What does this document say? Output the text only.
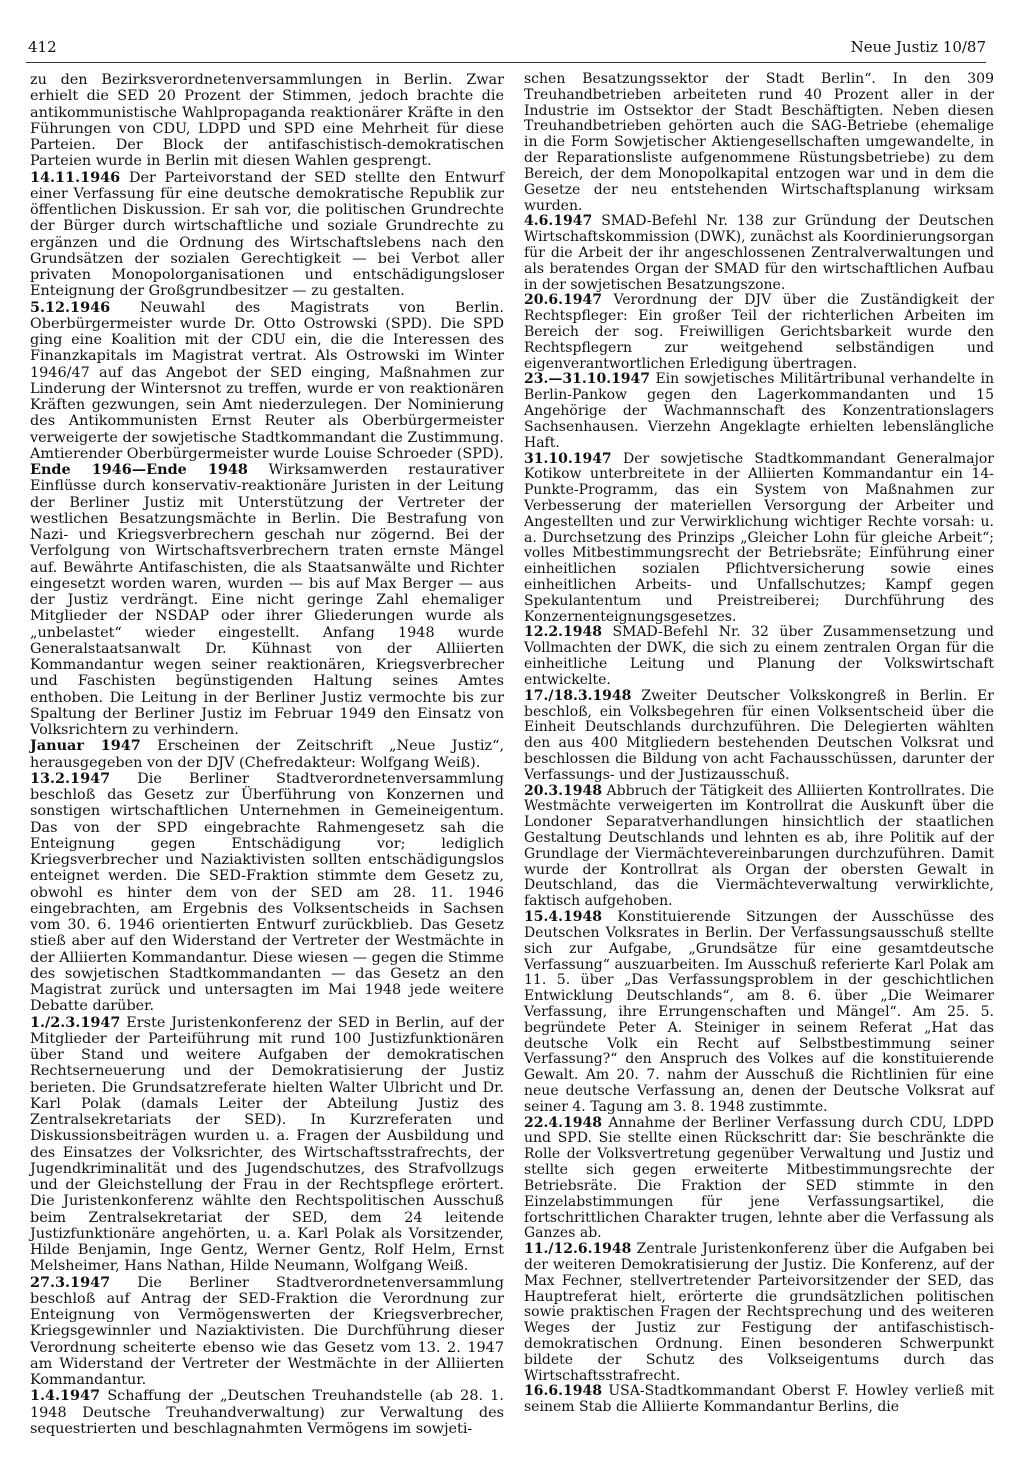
412	Neue Justiz 10/87

zu den Bezirksverordnetenversammlungen in Berlin. Zwar erhielt die SED 20 Prozent der Stimmen, jedoch brachte die antikommunistische Wahlpropaganda reaktionärer Kräfte in den Führungen von CDU, LDPD und SPD eine Mehrheit für diese Parteien. Der Block der antifaschistisch-demokratischen Parteien wurde in Berlin mit diesen Wahlen gesprengt.

14.11.1946 Der Parteivorstand der SED stellte den Entwurf einer Verfassung für eine deutsche demokratische Republik zur öffentlichen Diskussion. Er sah vor, die politischen Grundrechte der Bürger durch wirtschaftliche und soziale Grundrechte zu ergänzen und die Ordnung des Wirtschaftslebens nach den Grundsätzen der sozialen Gerechtigkeit — bei Verbot aller privaten Monopolorganisationen und entschädigungsloser Enteignung der Großgrundbesitzer — zu gestalten.

5.12.1946 Neuwahl des Magistrats von Berlin. Oberbürgermeister wurde Dr. Otto Ostrowski (SPD). Die SPD ging eine Koalition mit der CDU ein, die die Interessen des Finanzkapitals im Magistrat vertrat. Als Ostrowski im Winter 1946/47 auf das Angebot der SED einging, Maßnahmen zur Linderung der Wintersnot zu treffen, wurde er von reaktionären Kräften gezwungen, sein Amt niederzulegen. Der Nominierung des Antikommunisten Ernst Reuter als Oberbürgermeister verweigerte der sowjetische Stadtkommandant die Zustimmung. Amtierender Oberbürgermeister wurde Louise Schroeder (SPD).

Ende 1946—Ende 1948 Wirksamwerden restaurativer Einflüsse durch konservativ-reaktionäre Juristen in der Leitung der Berliner Justiz mit Unterstützung der Vertreter der westlichen Besatzungsmächte in Berlin. Die Bestrafung von Nazi- und Kriegsverbrechern geschah nur zögernd. Bei der Verfolgung von Wirtschaftsverbrechern traten ernste Mängel auf. Bewährte Antifaschisten, die als Staatsanwälte und Richter eingesetzt worden waren, wurden — bis auf Max Berger — aus der Justiz verdrängt. Eine nicht geringe Zahl ehemaliger Mitglieder der NSDAP oder ihrer Gliederungen wurde als „unbelastet“ wieder eingestellt. Anfang 1948 wurde Generalstaatsanwalt Dr. Kühnast von der Alliierten Kommandantur wegen seiner reaktionären, Kriegsverbrecher und Faschisten begünstigenden Haltung seines Amtes enthoben. Die Leitung in der Berliner Justiz vermochte bis zur Spaltung der Berliner Justiz im Februar 1949 den Einsatz von Volksrichtern zu verhindern.

Januar 1947 Erscheinen der Zeitschrift „Neue Justiz“, herausgegeben von der DJV (Chefredakteur: Wolfgang Weiß).

13.2.1947 Die Berliner Stadtverordnetenversammlung beschloß das Gesetz zur Überführung von Konzernen und sonstigen wirtschaftlichen Unternehmen in Gemeineigentum. Das von der SPD eingebrachte Rahmengesetz sah die Enteignung gegen Entschädigung vor; lediglich Kriegsverbrecher und Naziaktivisten sollten entschädigungslos enteignet werden. Die SED-Fraktion stimmte dem Gesetz zu, obwohl es hinter dem von der SED am 28. 11. 1946 eingebrachten, am Ergebnis des Volksentscheids in Sachsen vom 30. 6. 1946 orientierten Entwurf zurückblieb. Das Gesetz stieß aber auf den Widerstand der Vertreter der Westmächte in der Alliierten Kommandantur. Diese wiesen — gegen die Stimme des sowjetischen Stadtkommandanten — das Gesetz an den Magistrat zurück und untersagten im Mai 1948 jede weitere Debatte darüber.

1./2.3.1947 Erste Juristenkonferenz der SED in Berlin, auf der Mitglieder der Parteiführung mit rund 100 Justizfunktionären über Stand und weitere Aufgaben der demokratischen Rechtserneuerung und der Demokratisierung der Justiz berieten. Die Grundsatzreferate hielten Walter Ulbricht und Dr. Karl Polak (damals Leiter der Abteilung Justiz des Zentralsekretariats der SED). In Kurzreferaten und Diskussionsbeiträgen wurden u. a. Fragen der Ausbildung und des Einsatzes der Volksrichter, des Wirtschaftsstrafrechts, der Jugendkriminalität und des Jugendschutzes, des Strafvollzugs und der Gleichstellung der Frau in der Rechtspflege erörtert. Die Juristenkonferenz wählte den Rechtspolitischen Ausschuß beim Zentralsekretariat der SED, dem 24 leitende Justizfunktionäre angehörten, u. a. Karl Polak als Vorsitzender, Hilde Benjamin, Inge Gentz, Werner Gentz, Rolf Helm, Ernst Melsheimer, Hans Nathan, Hilde Neumann, Wolfgang Weiß.

27.3.1947 Die Berliner Stadtverordnetenversammlung beschloß auf Antrag der SED-Fraktion die Verordnung zur Enteignung von Vermögenswerten der Kriegsverbrecher, Kriegsgewinnler und Naziaktivisten. Die Durchführung dieser Verordnung scheiterte ebenso wie das Gesetz vom 13. 2. 1947 am Widerstand der Vertreter der Westmächte in der Alliierten Kommandantur.

1.4.1947 Schaffung der „Deutschen Treuhandstelle (ab 28. 1. 1948 Deutsche Treuhandverwaltung) zur Verwaltung des sequestrierten und beschlagnahmten Vermögens im sowjeti-

schen Besatzungssektor der Stadt Berlin“. In den 309 Treuhandbetrieben arbeiteten rund 40 Prozent aller in der Industrie im Ostsektor der Stadt Beschäftigten. Neben diesen Treuhandbetrieben gehörten auch die SAG-Betriebe (ehemalige in die Form Sowjetischer Aktiengesellschaften umgewandelte, in der Reparationsliste aufgenommene Rüstungsbetriebe) zu dem Bereich, der dem Monopolkapital entzogen war und in dem die Gesetze der neu entstehenden Wirtschaftsplanung wirksam wurden.

4.6.1947 SMAD-Befehl Nr. 138 zur Gründung der Deutschen Wirtschaftskommission (DWK), zunächst als Koordinierungsorgan für die Arbeit der ihr angeschlossenen Zentralverwaltungen und als beratendes Organ der SMAD für den wirtschaftlichen Aufbau in der sowjetischen Besatzungszone.

20.6.1947 Verordnung der DJV über die Zuständigkeit der Rechtspfleger: Ein großer Teil der richterlichen Arbeiten im Bereich der sog. Freiwilligen Gerichtsbarkeit wurde den Rechtspflegern zur weitgehend selbständigen und eigenverantwortlichen Erledigung übertragen.

23.—31.10.1947 Ein sowjetisches Militärtribunal verhandelte in Berlin-Pankow gegen den Lagerkommandanten und 15 Angehörige der Wachmannschaft des Konzentrationslagers Sachsenhausen. Vierzehn Angeklagte erhielten lebenslängliche Haft.

31.10.1947 Der sowjetische Stadtkommandant Generalmajor Kotikow unterbreitete in der Alliierten Kommandantur ein 14-Punkte-Programm, das ein System von Maßnahmen zur Verbesserung der materiellen Versorgung der Arbeiter und Angestellten und zur Verwirklichung wichtiger Rechte vorsah: u. a. Durchsetzung des Prinzips „Gleicher Lohn für gleiche Arbeit“; volles Mitbestimmungsrecht der Betriebsräte; Einführung einer einheitlichen sozialen Pflichtversicherung sowie eines einheitlichen Arbeits- und Unfallschutzes; Kampf gegen Spekulantentum und Preistreiberei; Durchführung des Konzernenteignungsgesetzes.

12.2.1948 SMAD-Befehl Nr. 32 über Zusammensetzung und Vollmachten der DWK, die sich zu einem zentralen Organ für die einheitliche Leitung und Planung der Volkswirtschaft entwickelte.

17./18.3.1948 Zweiter Deutscher Volkskongreß in Berlin. Er beschloß, ein Volksbegehren für einen Volksentscheid über die Einheit Deutschlands durchzuführen. Die Delegierten wählten den aus 400 Mitgliedern bestehenden Deutschen Volksrat und beschlossen die Bildung von acht Fachausschüssen, darunter der Verfassungs- und der Justizausschuß.

20.3.1948 Abbruch der Tätigkeit des Alliierten Kontrollrates. Die Westmächte verweigerten im Kontrollrat die Auskunft über die Londoner Separatverhandlungen hinsichtlich der staatlichen Gestaltung Deutschlands und lehnten es ab, ihre Politik auf der Grundlage der Viermächtevereinbarungen durchzuführen. Damit wurde der Kontrollrat als Organ der obersten Gewalt in Deutschland, das die Viermächteverwaltung verwirklichte, faktisch aufgehoben.

15.4.1948 Konstituierende Sitzungen der Ausschüsse des Deutschen Volksrates in Berlin. Der Verfassungsausschuß stellte sich zur Aufgabe, „Grundsätze für eine gesamtdeutsche Verfassung“ auszuarbeiten. Im Ausschuß referierte Karl Polak am 11. 5. über „Das Verfassungsproblem in der geschichtlichen Entwicklung Deutschlands“, am 8. 6. über „Die Weimarer Verfassung, ihre Errungenschaften und Mängel“. Am 25. 5. begründete Peter A. Steiniger in seinem Referat „Hat das deutsche Volk ein Recht auf Selbstbestimmung seiner Verfassung?“ den Anspruch des Volkes auf die konstituierende Gewalt. Am 20. 7. nahm der Ausschuß die Richtlinien für eine neue deutsche Verfassung an, denen der Deutsche Volksrat auf seiner 4. Tagung am 3. 8. 1948 zustimmte.

22.4.1948 Annahme der Berliner Verfassung durch CDU, LDPD und SPD. Sie stellte einen Rückschritt dar: Sie beschränkte die Rolle der Volksvertretung gegenüber Verwaltung und Justiz und stellte sich gegen erweiterte Mitbestimmungsrechte der Betriebsräte. Die Fraktion der SED stimmte in den Einzelabstimmungen für jene Verfassungsartikel, die fortschrittlichen Charakter trugen, lehnte aber die Verfassung als Ganzes ab.

11./12.6.1948 Zentrale Juristenkonferenz über die Aufgaben bei der weiteren Demokratisierung der Justiz. Die Konferenz, auf der Max Fechner, stellvertretender Parteivorsitzender der SED, das Hauptreferat hielt, erörterte die grundsätzlichen politischen sowie praktischen Fragen der Rechtsprechung und des weiteren Weges der Justiz zur Festigung der antifaschistisch-demokratischen Ordnung. Einen besonderen Schwerpunkt bildete der Schutz des Volkseigentums durch das Wirtschaftsstrafrecht.

16.6.1948 USA-Stadtkommandant Oberst F. Howley verließ mit seinem Stab die Alliierte Kommandantur Berlins, die
